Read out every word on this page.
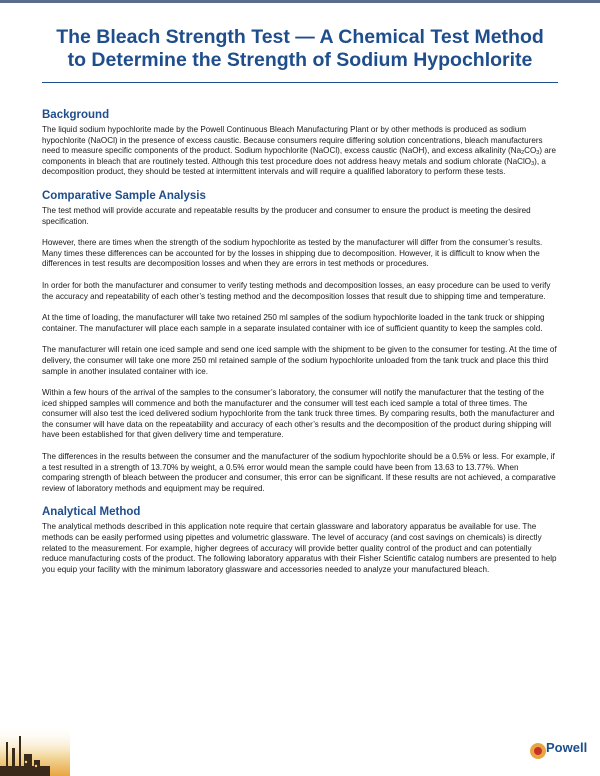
The Bleach Strength Test — A Chemical Test Method
to Determine the Strength of Sodium Hypochlorite
Background

The liquid sodium hypochlorite made by the Powell Continuous Bleach Manufacturing Plant or by other methods is produced as sodium hypochlorite (NaOCl) in the presence of excess caustic. Because consumers require differing solution concentrations, bleach manufacturers need to measure specific components of the product. Sodium hypochlorite (NaOCl), excess caustic (NaOH), and excess alkalinity $(Na_2CO_3)$ are components in bleach that are routinely tested. Although this test procedure does not address heavy metals and sodium chlorate (NaClO$_3$), a decomposition product, they should be tested at intermittent intervals and will require a qualified laboratory to perform these tests.

Comparative Sample Analysis

The test method will provide accurate and repeatable results by the producer and consumer to ensure the product is meeting the desired specification.

However, there are times when the strength of the sodium hypochlorite as tested by the manufacturer will differ from the consumer’s results. Many times these differences can be accounted for by the losses in shipping due to decomposition. However, it is difficult to know when the differences in test results are decomposition losses and when they are errors in test methods or procedures.

In order for both the manufacturer and consumer to verify testing methods and decomposition losses, an easy procedure can be used to verify the accuracy and repeatability of each other’s testing method and the decomposition losses that result due to shipping time and temperature.

At the time of loading, the manufacturer will take two retained 250 ml samples of the sodium hypochlorite loaded in the tank truck or shipping container. The manufacturer will place each sample in a separate insulated container with ice of sufficient quantity to keep the samples cold.

The manufacturer will retain one iced sample and send one iced sample with the shipment to be given to the consumer for testing. At the time of delivery, the consumer will take one more 250 ml retained sample of the sodium hypochlorite unloaded from the tank truck and place this third sample in another insulated container with ice.

Within a few hours of the arrival of the samples to the consumer’s laboratory, the consumer will notify the manufacturer that the testing of the iced shipped samples will commence and both the manufacturer and the consumer will test each iced sample a total of three times. The consumer will also test the iced delivered sodium hypochlorite from the tank truck three times. By comparing results, both the manufacturer and the consumer will have data on the repeatability and accuracy of each other’s results and the decomposition of the product during shipping will have been established for that given delivery time and temperature.

The differences in the results between the consumer and the manufacturer of the sodium hypochlorite should be a 0.5% or less. For example, if a test resulted in a strength of 13.70% by weight, a 0.5% error would mean the sample could have been from 13.63 to 13.77%. When comparing strength of bleach between the producer and consumer, this error can be significant. If these results are not achieved, a comparative review of laboratory methods and equipment may be required.

Analytical Method

The analytical methods described in this application note require that certain glassware and laboratory apparatus be available for use. The methods can be easily performed using pipettes and volumetric glassware. The level of accuracy (and cost savings on chemicals) is directly related to the measurement. For example, higher degrees of accuracy will provide better quality control of the product and can potentially reduce manufacturing costs of the product. The following laboratory apparatus with their Fisher Scientific catalog numbers are presented to help you equip your facility with the minimum laboratory glassware and accessories needed to analyze your manufactured bleach.

Powell
